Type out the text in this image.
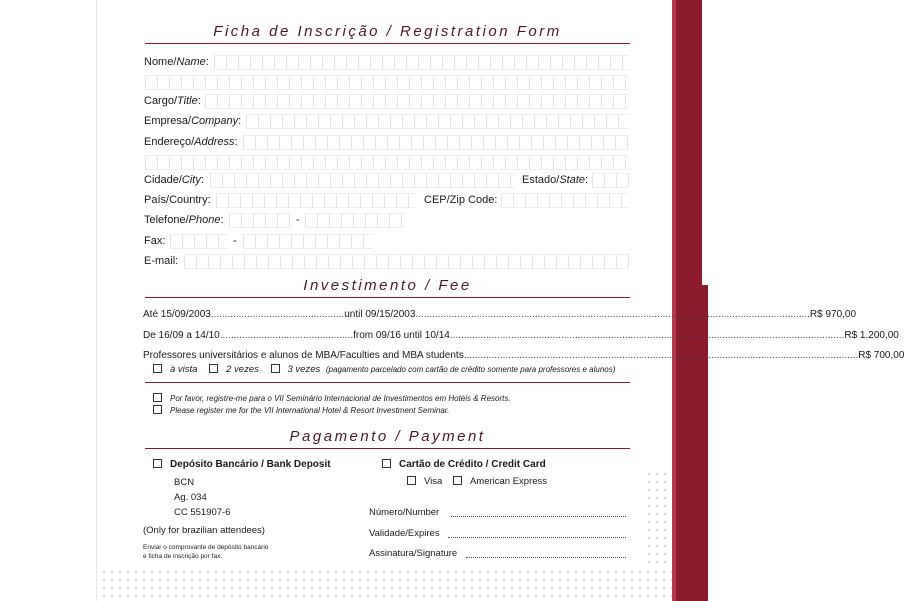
Ficha de Inscrição / Registration Form
Nome/Name:
Cargo/Title:
Empresa/Company:
Endereço/Address:
Cidade/City:	Estado/State:
País/Country:	CEP/Zip Code:
Telefone/Phone:	-
Fax:	-
E-mail:
Investimento / Fee
Até 15/09/2003 ................................................ until 09/15/2003 .............................................................................................................................................. R$ 970,00
De 16/09 a 14/10 ................................................ from 09/16 until 10/14 .............................................................................................................................................. R$ 1.200,00
Professores universitários e alunos de MBA/Faculties and MBA students .............................................................................................................................................. R$ 700,00
à vista	2 vezes	3 vezes (pagamento parcelado com cartão de crédito somente para professores e alunos)
Por favor, registre-me para o VII Seminário Internacional de Investimentos em Hotéis & Resorts.
Please register me for the VII International Hotel & Resort Investment Seminar.
Pagamento / Payment
Depósito Bancário / Bank Deposit
BCN
Ag. 034
CC 551907-6
(Only for brazilian attendees)
Enviar o comprovante de depósito bancário
e ficha de inscrição por fax.
Cartão de Crédito / Credit Card
Visa	American Express
Número/Number
Validade/Expires
Assinatura/Signature
